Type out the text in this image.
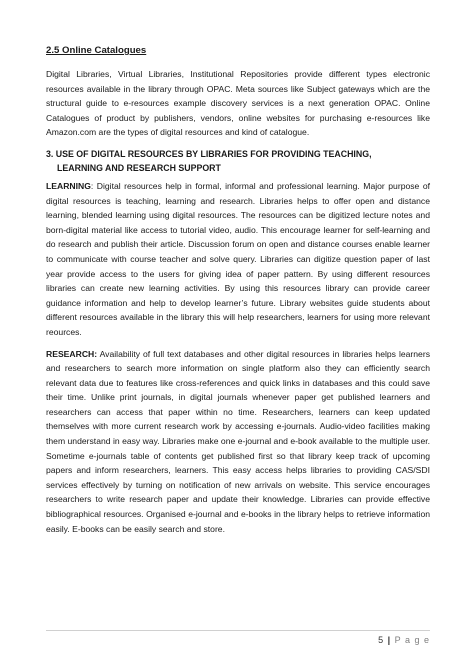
2.5 Online Catalogues

Digital Libraries, Virtual Libraries, Institutional Repositories provide different types electronic resources available in the library through OPAC. Meta sources like Subject gateways which are the structural guide to e-resources example discovery services is a next generation OPAC. Online Catalogues of product by publishers, vendors, online websites for purchasing e-resources like Amazon.com are the types of digital resources and kind of catalogue.

3. USE OF DIGITAL RESOURCES BY LIBRARIES FOR PROVIDING TEACHING,
LEARNING AND RESEARCH SUPPORT

LEARNING: Digital resources help in formal, informal and professional learning. Major purpose of digital resources is teaching, learning and research. Libraries helps to offer open and distance learning, blended learning using digital resources. The resources can be digitized lecture notes and born-digital material like access to tutorial video, audio. This encourage learner for self-learning and do research and publish their article. Discussion forum on open and distance courses enable learner to communicate with course teacher and solve query. Libraries can digitize question paper of last year provide access to the users for giving idea of paper pattern. By using different resources libraries can create new learning activities. By using this resources library can provide career guidance information and help to develop learner’s future. Library websites guide students about different resources available in the library this will help researchers, learners for using more relevant reources.

RESEARCH: Availability of full text databases and other digital resources in libraries helps learners and researchers to search more information on single platform also they can efficiently search relevant data due to features like cross-references and quick links in databases and this could save their time. Unlike print journals, in digital journals whenever paper get published learners and researchers can access that paper within no time. Researchers, learners can keep updated themselves with more current research work by accessing e-journals. Audio-video facilities making them understand in easy way. Libraries make one e-journal and e-book available to the multiple user. Sometime e-journals table of contents get published first so that library keep track of upcoming papers and inform researchers, learners. This easy access helps libraries to providing CAS/SDI services effectively by turning on notification of new arrivals on website. This service encourages researchers to write research paper and update their knowledge. Libraries can provide effective bibliographical resources. Organised e-journal and e-books in the library helps to retrieve information easily. E-books can be easily search and store.

5 | P a g e
